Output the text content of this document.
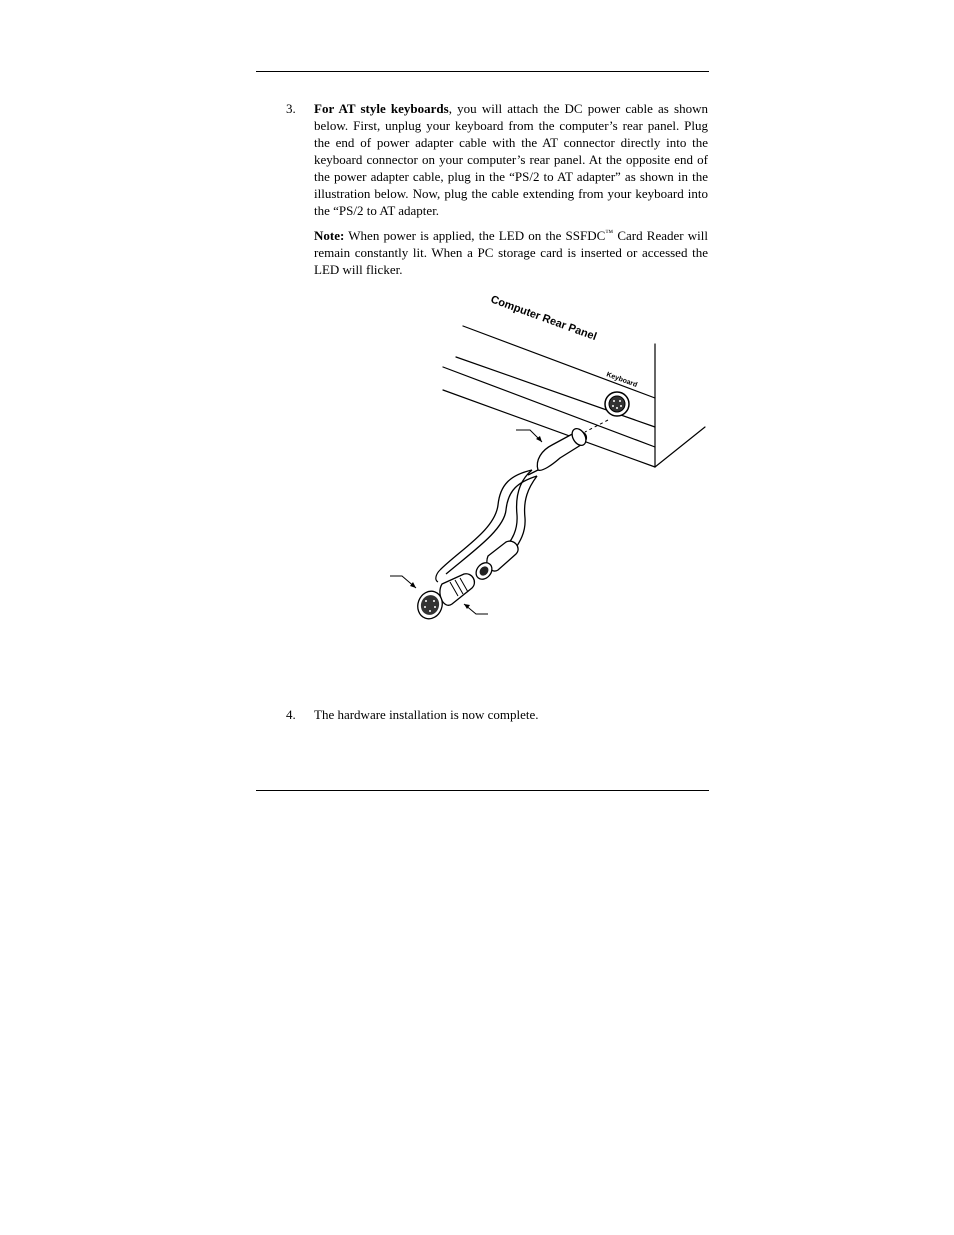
3. For AT style keyboards, you will attach the DC power cable as shown below. First, unplug your keyboard from the computer’s rear panel. Plug the end of power adapter cable with the AT connector directly into the keyboard connector on your computer’s rear panel. At the opposite end of the power adapter cable, plug in the “PS/2 to AT adapter” as shown in the illustration below. Now, plug the cable extending from your keyboard into the “PS/2 to AT adapter.

Note: When power is applied, the LED on the SSFDC™ Card Reader will remain constantly lit. When a PC storage card is inserted or accessed the LED will flicker.

Computer Rear Panel
Keyboard
4. The hardware installation is now complete.
